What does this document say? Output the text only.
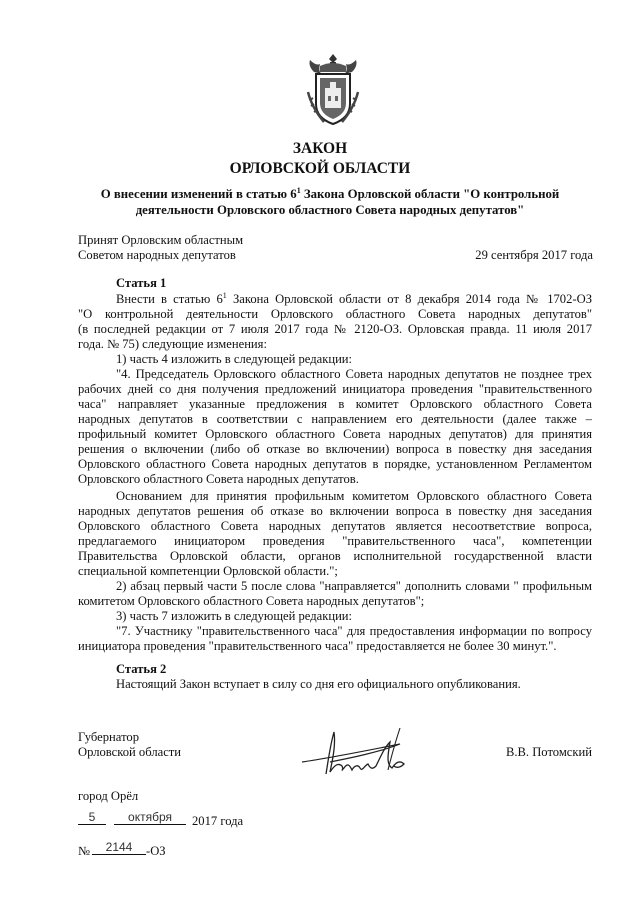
ЗАКОН
ОРЛОВСКОЙ ОБЛАСТИ
О внесении изменений в статью $6^1$ Закона Орловской области "О контрольной
деятельности Орловского областного Совета народных депутатов"
Принят Орловским областным
Советом народных депутатов	29 сентября 2017 года
Статья 1
Внести в статью $6^1$ Закона Орловской области от 8 декабря 2014 года № 1702-ОЗ
"О контрольной деятельности Орловского областного Совета народных депутатов"
(в последней редакции от 7 июля 2017 года № 2120-ОЗ. Орловская правда. 11 июля 2017
года. № 75) следующие изменения:
1) часть 4 изложить в следующей редакции:
"4. Председатель Орловского областного Совета народных депутатов не позднее трех
рабочих дней со дня получения предложений инициатора проведения "правительственного
часа" направляет указанные предложения в комитет Орловского областного Совета
народных депутатов в соответствии с направлением его деятельности (далее также –
профильный комитет Орловского областного Совета народных депутатов) для принятия
решения о включении (либо об отказе во включении) вопроса в повестку дня заседания
Орловского областного Совета народных депутатов в порядке, установленном Регламентом
Орловского областного Совета народных депутатов.
Основанием для принятия профильным комитетом Орловского областного Совета
народных депутатов решения об отказе во включении вопроса в повестку дня заседания
Орловского областного Совета народных депутатов является несоответствие вопроса,
предлагаемого инициатором проведения "правительственного часа", компетенции
Правительства Орловской области, органов исполнительной государственной власти
специальной компетенции Орловской области.";
2) абзац первый части 5 после слова "направляется" дополнить словами " профильным
комитетом Орловского областного Совета народных депутатов";
3) часть 7 изложить в следующей редакции:
"7. Участнику "правительственного часа" для предоставления информации по вопросу
инициатора проведения "правительственного часа" предоставляется не более 30 минут.".
Статья 2
Настоящий Закон вступает в силу со дня его официального опубликования.
Губернатор
Орловской области	В.В. Потомский
город Орёл
5	октября	2017 года
№	2144	-ОЗ
